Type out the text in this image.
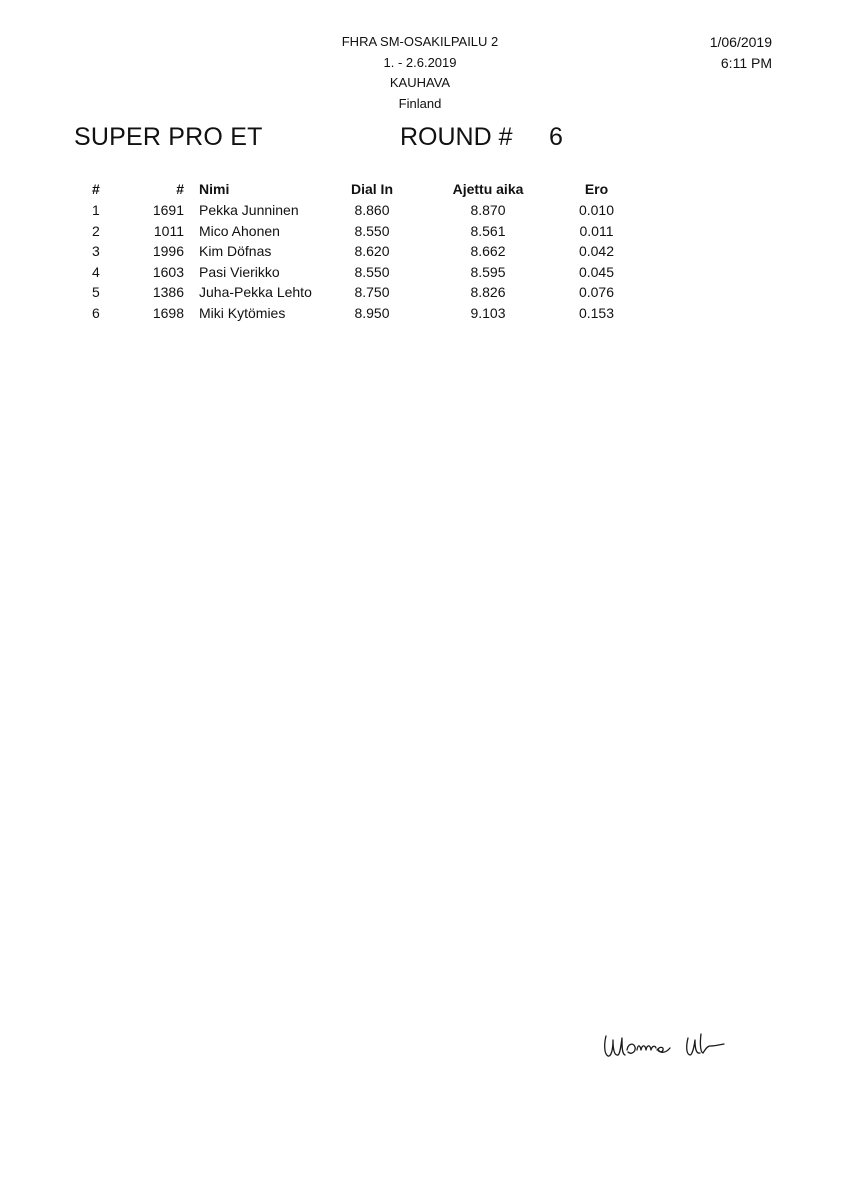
FHRA SM-OSAKILPAILU 2
1. - 2.6.2019
KAUHAVA
Finland
1/06/2019
6:11 PM
SUPER PRO ET	ROUND # 6
#	#	Nimi	Dial In	Ajettu aika	Ero
1	1691	Pekka Junninen	8.860	8.870	0.010
2	1011	Mico Ahonen	8.550	8.561	0.011
3	1996	Kim Döfnas	8.620	8.662	0.042
4	1603	Pasi Vierikko	8.550	8.595	0.045
5	1386	Juha-Pekka Lehto	8.750	8.826	0.076
6	1698	Miki Kytömies	8.950	9.103	0.153
